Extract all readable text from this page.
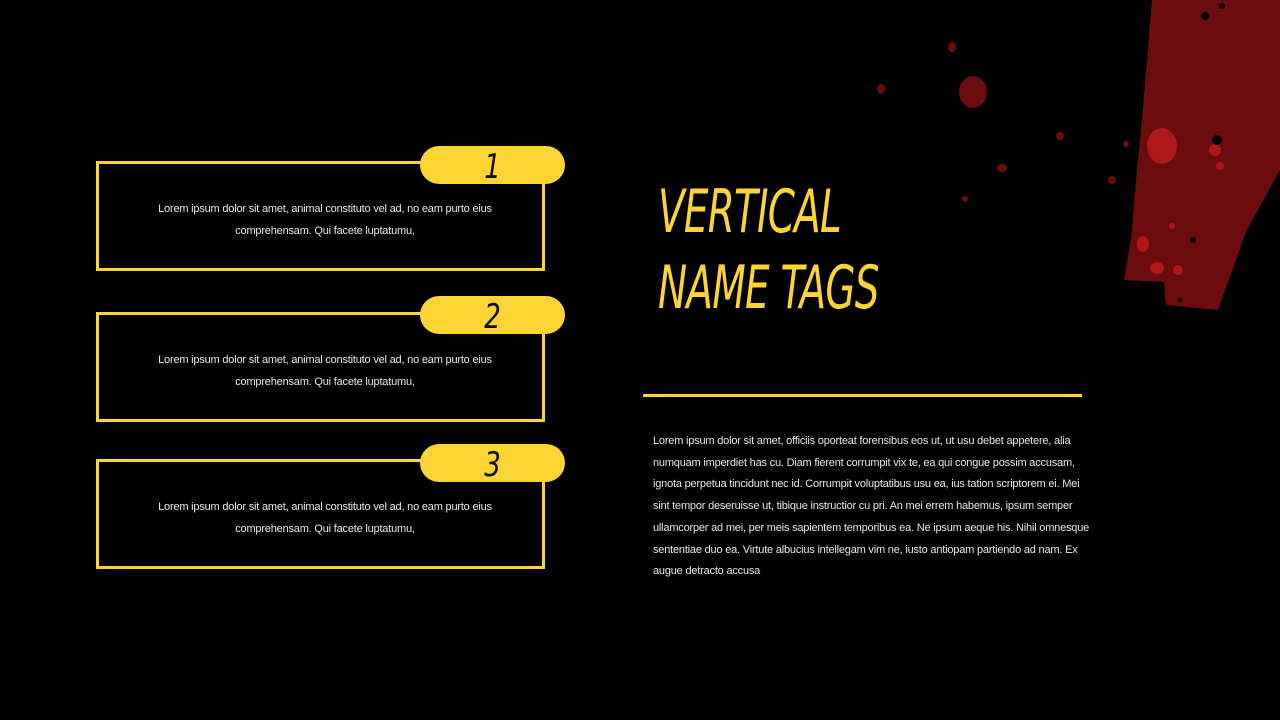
Lorem ipsum dolor sit amet, animal constituto vel ad, no eam purto eius comprehensam. Qui facete luptatumu,
1
Lorem ipsum dolor sit amet, animal constituto vel ad, no eam purto eius comprehensam. Qui facete luptatumu,
2
Lorem ipsum dolor sit amet, animal constituto vel ad, no eam purto eius comprehensam. Qui facete luptatumu,
3
VERTICAL
NAME TAGS
Lorem ipsum dolor sit amet, officiis oporteat forensibus eos ut, ut usu debet appetere, alia numquam imperdiet has cu. Diam fierent corrumpit vix te, ea qui congue possim accusam, ignota perpetua tincidunt nec id. Corrumpit voluptatibus usu ea, ius tation scriptorem ei. Mei sint tempor deseruisse ut, tibique instructior cu pri. An mei errem habemus, ipsum semper ullamcorper ad mei, per meis sapientem temporibus ea. Ne ipsum aeque his. Nihil omnesque sententiae duo ea. Virtute albucius intellegam vim ne, iusto antiopam partiendo ad nam. Ex augue detracto accusa
